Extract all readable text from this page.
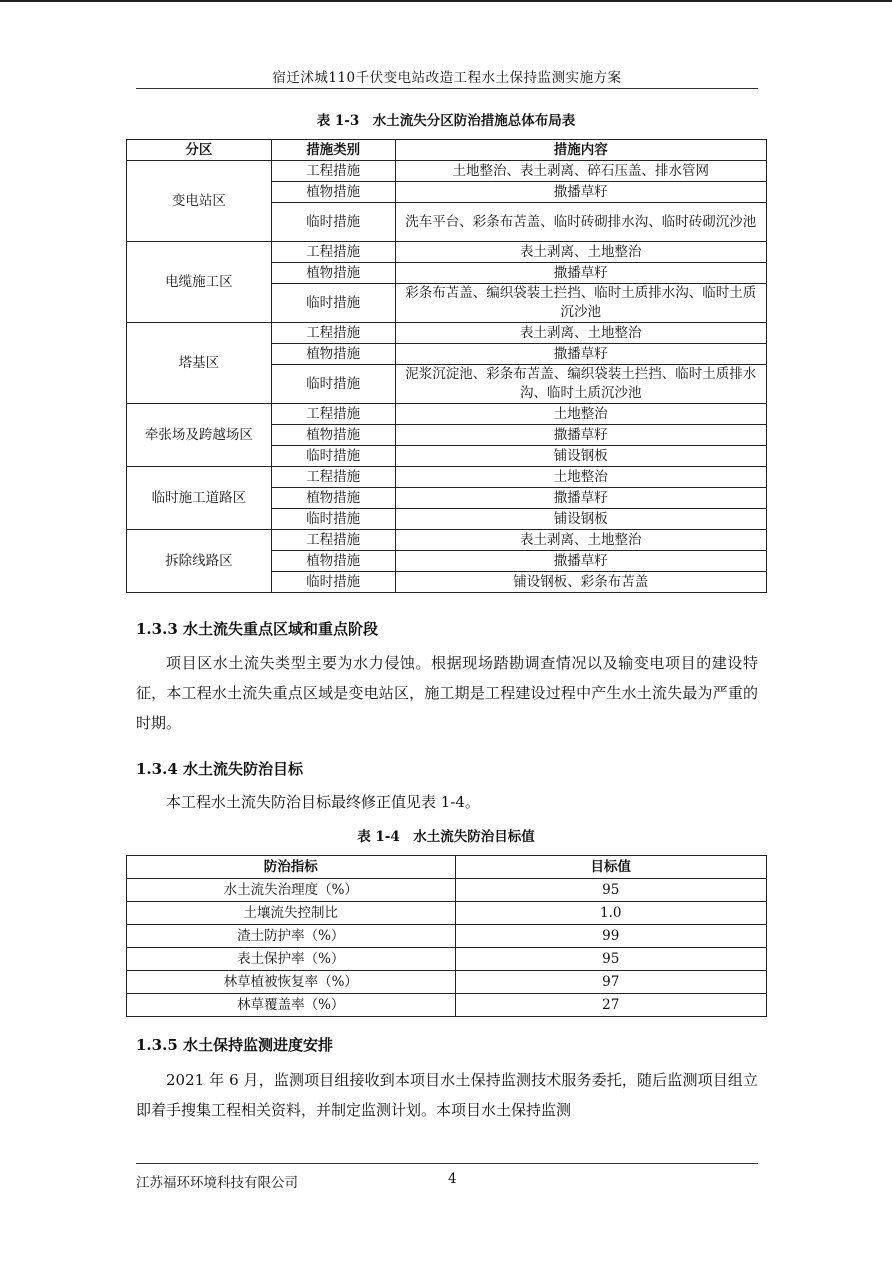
宿迁沭城110千伏变电站改造工程水土保持监测实施方案
表 1-3　水土流失分区防治措施总体布局表
分区	措施类别	措施内容
变电站区	工程措施	土地整治、表土剥离、碎石压盖、排水管网
	植物措施	撒播草籽
	临时措施	洗车平台、彩条布苫盖、临时砖砌排水沟、临时砖砌沉沙池
电缆施工区	工程措施	表土剥离、土地整治
	植物措施	撒播草籽
	临时措施	彩条布苫盖、编织袋装土拦挡、临时土质排水沟、临时土质沉沙池
塔基区	工程措施	表土剥离、土地整治
	植物措施	撒播草籽
	临时措施	泥浆沉淀池、彩条布苫盖、编织袋装土拦挡、临时土质排水沟、临时土质沉沙池
牵张场及跨越场区	工程措施	土地整治
	植物措施	撒播草籽
	临时措施	铺设钢板
临时施工道路区	工程措施	土地整治
	植物措施	撒播草籽
	临时措施	铺设钢板
拆除线路区	工程措施	表土剥离、土地整治
	植物措施	撒播草籽
	临时措施	铺设钢板、彩条布苫盖
1.3.3 水土流失重点区域和重点阶段

项目区水土流失类型主要为水力侵蚀。根据现场踏勘调查情况以及输变电项目的建设特征，本工程水土流失重点区域是变电站区，施工期是工程建设过程中产生水土流失最为严重的时期。

1.3.4 水土流失防治目标

本工程水土流失防治目标最终修正值见表 1-4。

表 1-4　水土流失防治目标值
防治指标	目标值
水土流失治理度（%）	95
土壤流失控制比	1.0
渣土防护率（%）	99
表土保护率（%）	95
林草植被恢复率（%）	97
林草覆盖率（%）	27
1.3.5 水土保持监测进度安排

2021 年 6 月，监测项目组接收到本项目水土保持监测技术服务委托，随后监测项目组立即着手搜集工程相关资料，并制定监测计划。本项目水土保持监测

江苏福环环境科技有限公司	4
